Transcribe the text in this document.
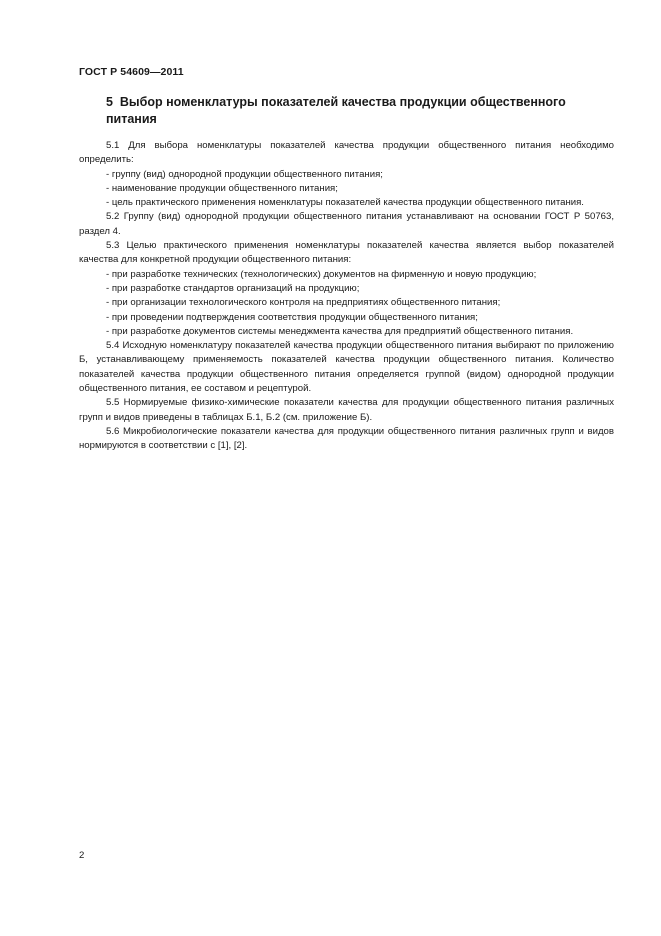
ГОСТ Р 54609—2011
5 Выбор номенклатуры показателей качества продукции общественного
питания

5.1 Для выбора номенклатуры показателей качества продукции общественного питания необходимо определить:

- группу (вид) однородной продукции общественного питания;

- наименование продукции общественного питания;

- цель практического применения номенклатуры показателей качества продукции общественного питания.

5.2 Группу (вид) однородной продукции общественного питания устанавливают на основании ГОСТ Р 50763, раздел 4.

5.3 Целью практического применения номенклатуры показателей качества является выбор показателей качества для конкретной продукции общественного питания:

- при разработке технических (технологических) документов на фирменную и новую продукцию;

- при разработке стандартов организаций на продукцию;

- при организации технологического контроля на предприятиях общественного питания;

- при проведении подтверждения соответствия продукции общественного питания;

- при разработке документов системы менеджмента качества для предприятий общественного питания.

5.4 Исходную номенклатуру показателей качества продукции общественного питания выбирают по приложению Б, устанавливающему применяемость показателей качества продукции общественного питания. Количество показателей качества продукции общественного питания определяется группой (видом) однородной продукции общественного питания, ее составом и рецептурой.

5.5 Нормируемые физико-химические показатели качества для продукции общественного питания различных групп и видов приведены в таблицах Б.1, Б.2 (см. приложение Б).

5.6 Микробиологические показатели качества для продукции общественного питания различных групп и видов нормируются в соответствии с [1], [2].

2
